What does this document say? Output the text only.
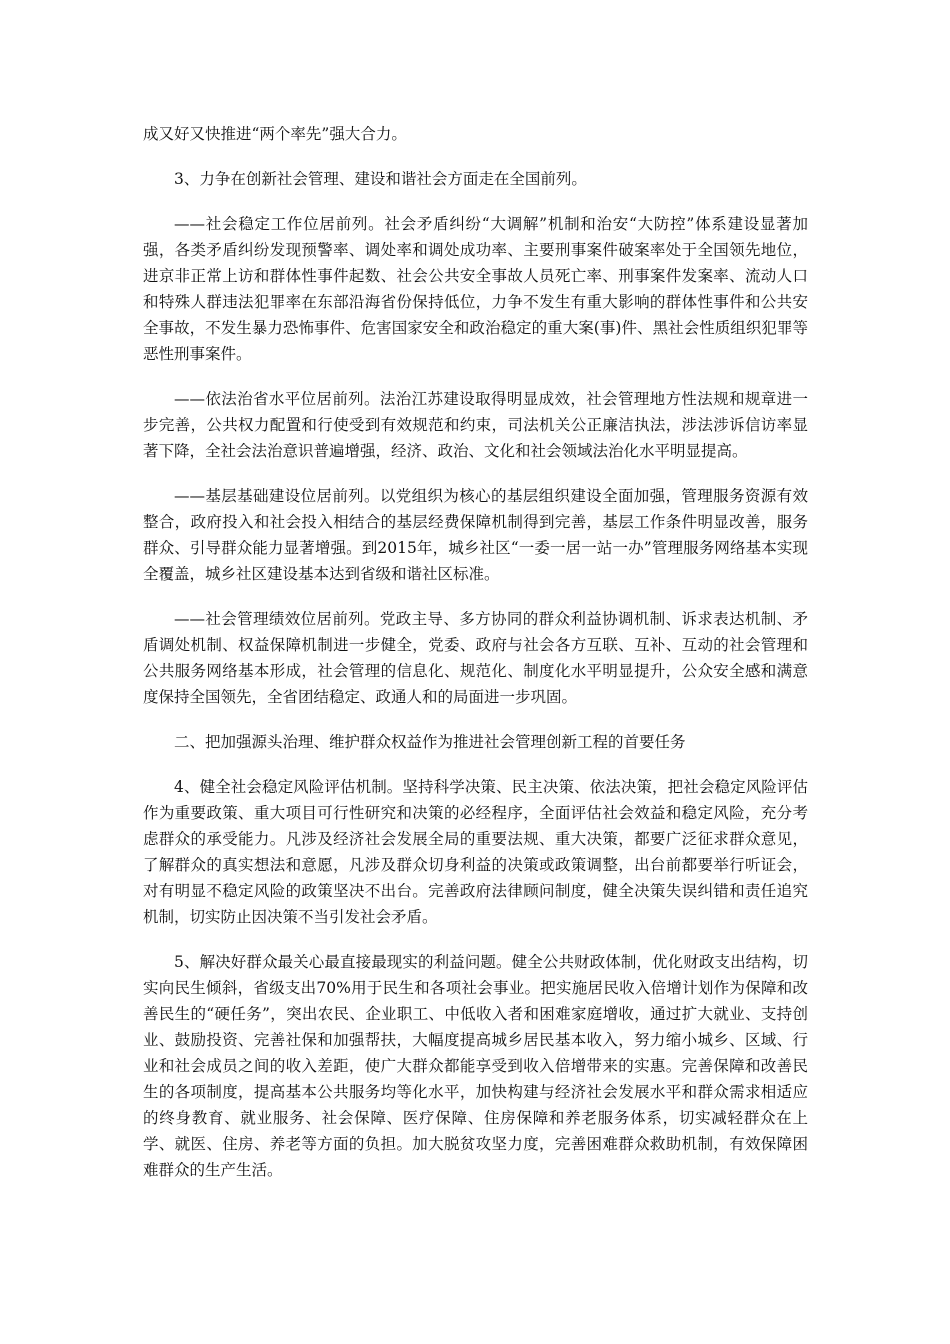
成又好又快推进“两个率先”强大合力。

3、力争在创新社会管理、建设和谐社会方面走在全国前列。

——社会稳定工作位居前列。社会矛盾纠纷“大调解”机制和治安“大防控”体系建设显著加强，各类矛盾纠纷发现预警率、调处率和调处成功率、主要刑事案件破案率处于全国领先地位，进京非正常上访和群体性事件起数、社会公共安全事故人员死亡率、刑事案件发案率、流动人口和特殊人群违法犯罪率在东部沿海省份保持低位，力争不发生有重大影响的群体性事件和公共安全事故，不发生暴力恐怖事件、危害国家安全和政治稳定的重大案(事)件、黑社会性质组织犯罪等恶性刑事案件。

——依法治省水平位居前列。法治江苏建设取得明显成效，社会管理地方性法规和规章进一步完善，公共权力配置和行使受到有效规范和约束，司法机关公正廉洁执法，涉法涉诉信访率显著下降，全社会法治意识普遍增强，经济、政治、文化和社会领域法治化水平明显提高。

——基层基础建设位居前列。以党组织为核心的基层组织建设全面加强，管理服务资源有效整合，政府投入和社会投入相结合的基层经费保障机制得到完善，基层工作条件明显改善，服务群众、引导群众能力显著增强。到2015年，城乡社区“一委一居一站一办”管理服务网络基本实现全覆盖，城乡社区建设基本达到省级和谐社区标准。

——社会管理绩效位居前列。党政主导、多方协同的群众利益协调机制、诉求表达机制、矛盾调处机制、权益保障机制进一步健全，党委、政府与社会各方互联、互补、互动的社会管理和公共服务网络基本形成，社会管理的信息化、规范化、制度化水平明显提升，公众安全感和满意度保持全国领先，全省团结稳定、政通人和的局面进一步巩固。

二、把加强源头治理、维护群众权益作为推进社会管理创新工程的首要任务

4、健全社会稳定风险评估机制。坚持科学决策、民主决策、依法决策，把社会稳定风险评估作为重要政策、重大项目可行性研究和决策的必经程序，全面评估社会效益和稳定风险，充分考虑群众的承受能力。凡涉及经济社会发展全局的重要法规、重大决策，都要广泛征求群众意见，了解群众的真实想法和意愿，凡涉及群众切身利益的决策或政策调整，出台前都要举行听证会，对有明显不稳定风险的政策坚决不出台。完善政府法律顾问制度，健全决策失误纠错和责任追究机制，切实防止因决策不当引发社会矛盾。

5、解决好群众最关心最直接最现实的利益问题。健全公共财政体制，优化财政支出结构，切实向民生倾斜，省级支出70%用于民生和各项社会事业。把实施居民收入倍增计划作为保障和改善民生的“硬任务”，突出农民、企业职工、中低收入者和困难家庭增收，通过扩大就业、支持创业、鼓励投资、完善社保和加强帮扶，大幅度提高城乡居民基本收入，努力缩小城乡、区域、行业和社会成员之间的收入差距，使广大群众都能享受到收入倍增带来的实惠。完善保障和改善民生的各项制度，提高基本公共服务均等化水平，加快构建与经济社会发展水平和群众需求相适应的终身教育、就业服务、社会保障、医疗保障、住房保障和养老服务体系，切实减轻群众在上学、就医、住房、养老等方面的负担。加大脱贫攻坚力度，完善困难群众救助机制，有效保障困难群众的生产生活。
